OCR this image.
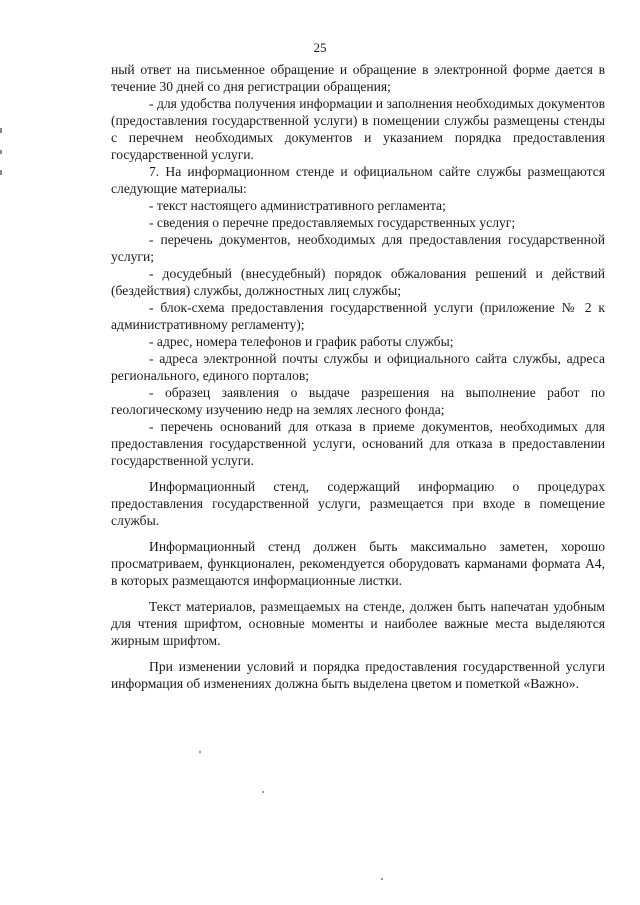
25

ный ответ на письменное обращение и обращение в электронной форме дается в течение 30 дней со дня регистрации обращения;

- для удобства получения информации и заполнения необходимых документов (предоставления государственной услуги) в помещении службы размещены стенды с перечнем необходимых документов и указанием порядка предоставления государственной услуги.

7. На информационном стенде и официальном сайте службы размещаются следующие материалы:

- текст настоящего административного регламента;

- сведения о перечне предоставляемых государственных услуг;

- перечень документов, необходимых для предоставления государственной услуги;

- досудебный (внесудебный) порядок обжалования решений и действий (бездействия) службы, должностных лиц службы;

- блок-схема предоставления государственной услуги (приложение № 2 к административному регламенту);

- адрес, номера телефонов и график работы службы;

- адреса электронной почты службы и официального сайта службы, адреса регионального, единого порталов;

- образец заявления о выдаче разрешения на выполнение работ по геологическому изучению недр на землях лесного фонда;

- перечень оснований для отказа в приеме документов, необходимых для предоставления государственной услуги, оснований для отказа в предоставлении государственной услуги.

Информационный стенд, содержащий информацию о процедурах предоставления государственной услуги, размещается при входе в помещение службы.

Информационный стенд должен быть максимально заметен, хорошо просматриваем, функционален, рекомендуется оборудовать карманами формата А4, в которых размещаются информационные листки.

Текст материалов, размещаемых на стенде, должен быть напечатан удобным для чтения шрифтом, основные моменты и наиболее важные места выделяются жирным шрифтом.

При изменении условий и порядка предоставления государственной услуги информация об изменениях должна быть выделена цветом и пометкой «Важно».
